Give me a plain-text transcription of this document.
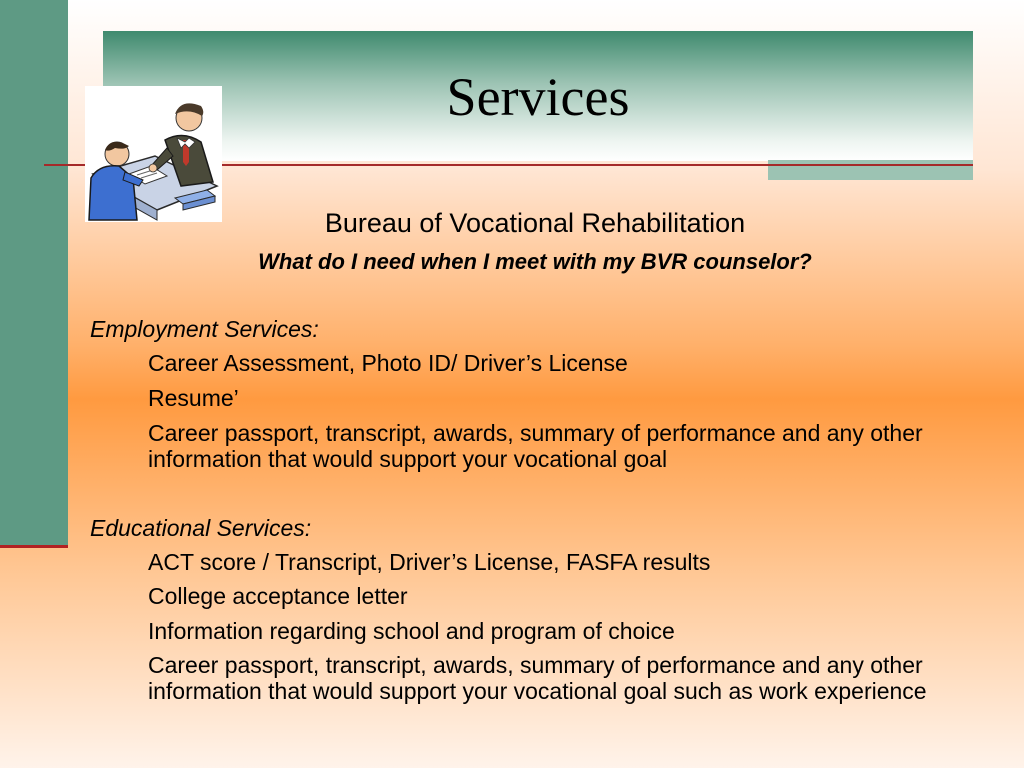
Services
Bureau of Vocational Rehabilitation
What do I need when I meet with my BVR counselor?
Employment Services:
Career Assessment, Photo ID/ Driver’s License
Resume’
Career passport, transcript, awards, summary of performance and any other information that would support your vocational goal
Educational Services:
ACT score / Transcript, Driver’s License, FASFA results
College acceptance letter
Information regarding school and program of choice
Career passport, transcript, awards, summary of performance and any other information that would support your vocational goal such as work experience
